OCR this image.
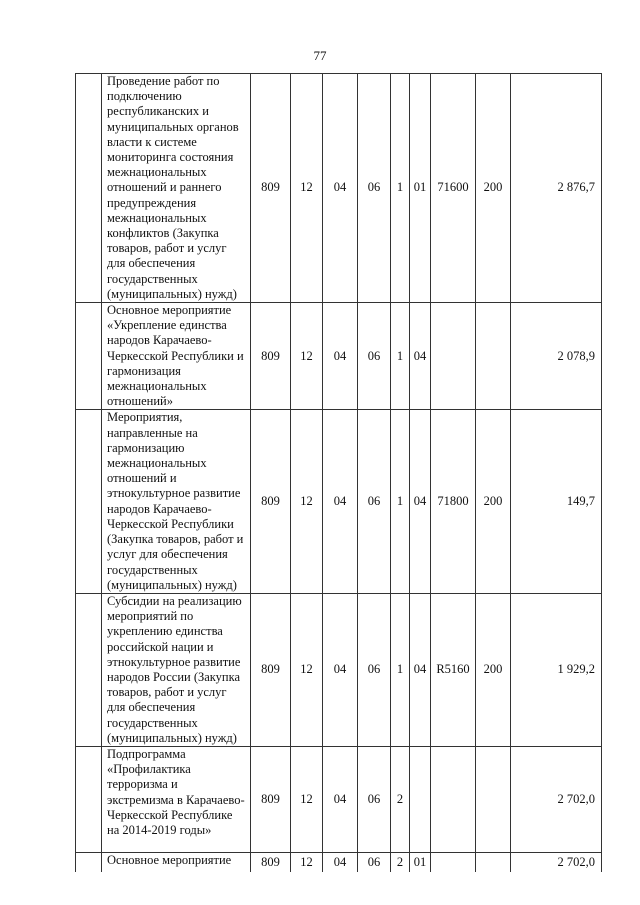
77
	Проведение работ по подключению республиканских и муниципальных органов власти к системе мониторинга состояния межнациональных отношений и раннего предупреждения межнациональных конфликтов (Закупка товаров, работ и услуг для обеспечения государственных (муниципальных) нужд)	809	12	04	06	1	01	71600	200	2 876,7
	Основное мероприятие «Укрепление единства народов Карачаево-Черкесской Республики и гармонизация межнациональных отношений»	809	12	04	06	1	04			2 078,9
	Мероприятия, направленные на гармонизацию межнациональных отношений и этнокультурное развитие народов Карачаево-Черкесской Республики (Закупка товаров, работ и услуг для обеспечения государственных (муниципальных) нужд)	809	12	04	06	1	04	71800	200	149,7
	Субсидии на реализацию мероприятий по укреплению единства российской нации и этнокультурное развитие народов России (Закупка товаров, работ и услуг для обеспечения государственных (муниципальных) нужд)	809	12	04	06	1	04	R5160	200	1 929,2
	Подпрограмма «Профилактика терроризма и экстремизма в Карачаево-Черкесской Республике на 2014-2019 годы»	809	12	04	06	2				2 702,0
	Основное мероприятие	809	12	04	06	2	01			2 702,0
